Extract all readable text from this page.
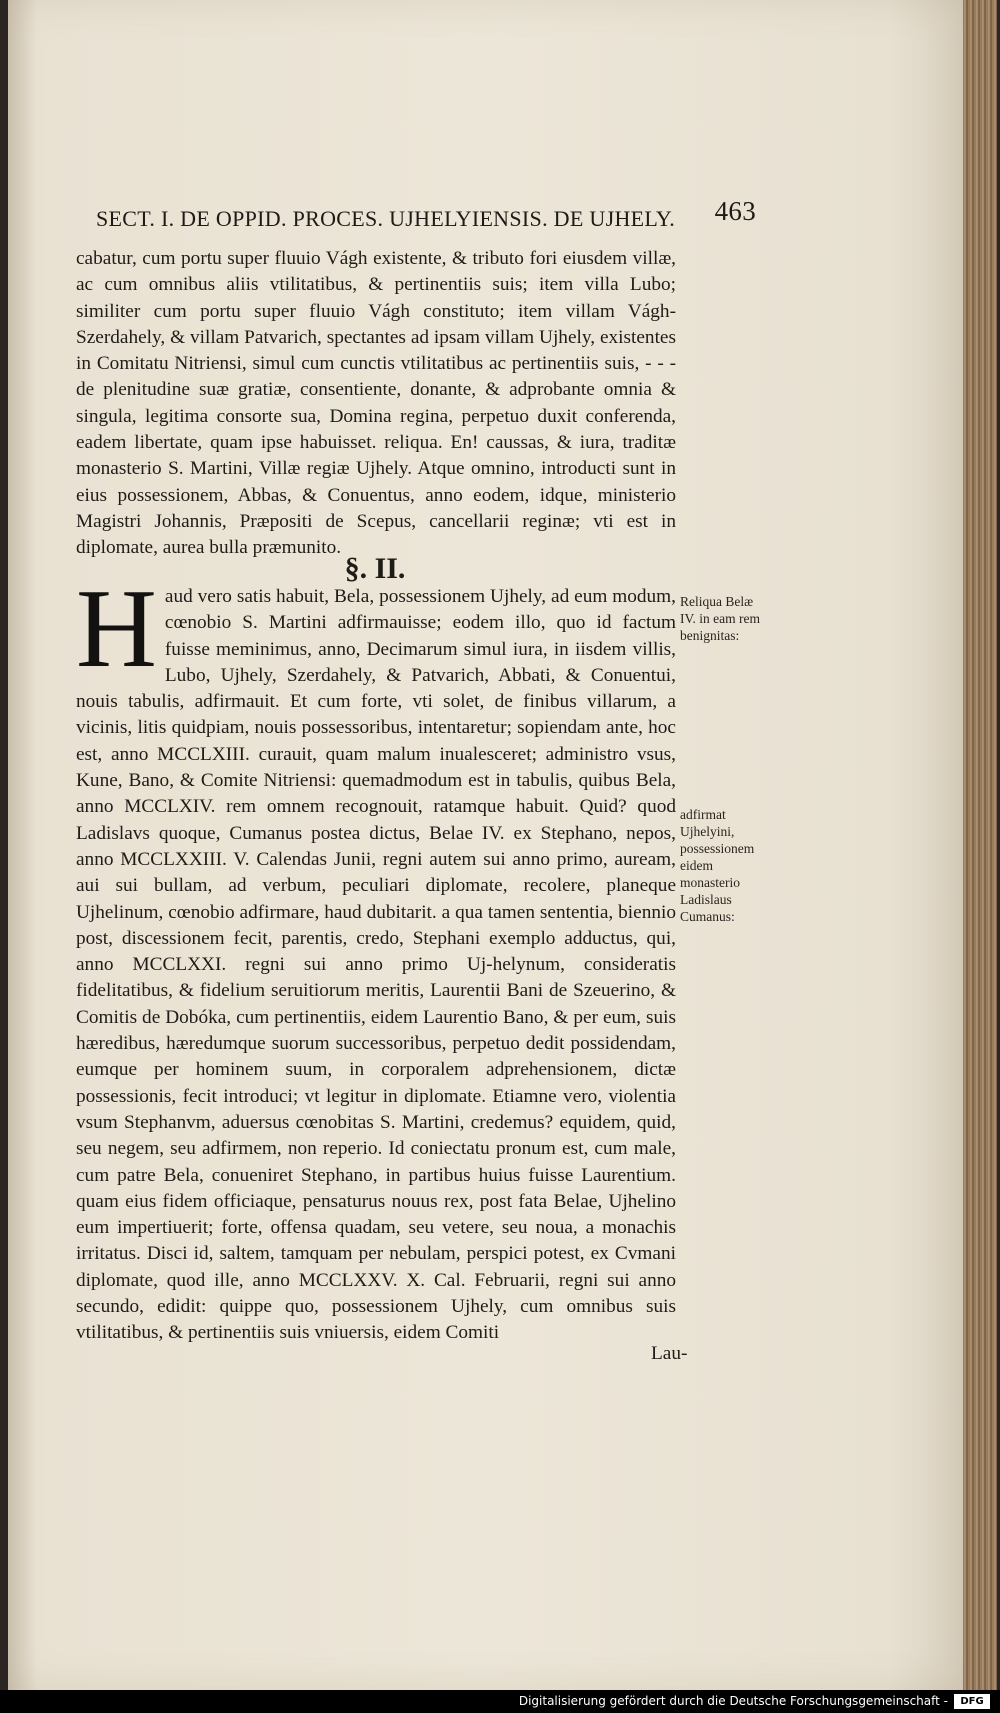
SECT. I. DE OPPID. PROCES. UJHELYIENSIS. DE UJHELY. 463

cabatur, cum portu super fluuio Vágh existente, & tributo fori eiusdem villæ, ac cum omnibus aliis vtilitatibus, & pertinentiis suis; item villa Lubo; similiter cum portu super fluuio Vágh constituto; item villam Vágh-Szerdahely, & villam Patvarich, spectantes ad ipsam villam Ujhely, existentes in Comitatu Nitriensi, simul cum cunctis vtilitatibus ac pertinentiis suis, - - - de plenitudine suæ gratiæ, consentiente, donante, & adprobante omnia & singula, legitima consorte sua, Domina regina, perpetuo duxit conferenda, eadem libertate, quam ipse habuisset. reliqua. En! caussas, & iura, traditæ monasterio S. Martini, Villæ regiæ Ujhely. Atque omnino, introducti sunt in eius possessionem, Abbas, & Conuentus, anno eodem, idque, ministerio Magistri Johannis, Præpositi de Scepus, cancellarii reginæ; vti est in diplomate, aurea bulla præmunito.

§. II.

Haud vero satis habuit, Bela, possessionem Ujhely, ad eum modum, cœnobio S. Martini adfirmauisse; eodem illo, quo id factum fuisse meminimus, anno, Decimarum simul iura, in iisdem villis, Lubo, Ujhely, Szerdahely, & Patvarich, Abbati, & Conuentui, nouis tabulis, adfirmauit. Et cum forte, vti solet, de finibus villarum, a vicinis, litis quidpiam, nouis possessoribus, intentaretur; sopiendam ante, hoc est, anno MCCLXIII. curauit, quam malum inualesceret; administro vsus, Kune, Bano, & Comite Nitriensi: quemadmodum est in tabulis, quibus Bela, anno MCCLXIV. rem omnem recognouit, ratamque habuit. Quid? quod Ladislavs quoque, Cumanus postea dictus, Belae IV. ex Stephano, nepos, anno MCCLXXIII. V. Calendas Junii, regni autem sui anno primo, auream, aui sui bullam, ad verbum, peculiari diplomate, recolere, planeque Ujhelinum, cœnobio adfirmare, haud dubitarit. a qua tamen sententia, biennio post, discessionem fecit, parentis, credo, Stephani exemplo adductus, qui, anno MCCLXXI. regni sui anno primo Uj-helynum, consideratis fidelitatibus, & fidelium seruitiorum meritis, Laurentii Bani de Szeuerino, & Comitis de Dobóka, cum pertinentiis, eidem Laurentio Bano, & per eum, suis hæredibus, hæredumque suorum successoribus, perpetuo dedit possidendam, eumque per hominem suum, in corporalem adprehensionem, dictæ possessionis, fecit introduci; vt legitur in diplomate. Etiamne vero, violentia vsum Stephanvm, aduersus cœnobitas S. Martini, credemus? equidem, quid, seu negem, seu adfirmem, non reperio. Id coniectatu pronum est, cum male, cum patre Bela, conueniret Stephano, in partibus huius fuisse Laurentium. quam eius fidem officiaque, pensaturus nouus rex, post fata Belae, Ujhelino eum impertiuerit; forte, offensa quadam, seu vetere, seu noua, a monachis irritatus. Disci id, saltem, tamquam per nebulam, perspici potest, ex Cvmani diplomate, quod ille, anno MCCLXXV. X. Cal. Februarii, regni sui anno secundo, edidit: quippe quo, possessionem Ujhely, cum omnibus suis vtilitatibus, & pertinentiis suis vniuersis, eidem Comiti

Lau-
Reliqua Belæ IV. in eam rem benignitas:
adfirmat Ujhelyini, possessionem eidem monasterio Ladislaus Cumanus:
Digitalisierung gefördert durch die Deutsche Forschungsgemeinschaft -	DFG
